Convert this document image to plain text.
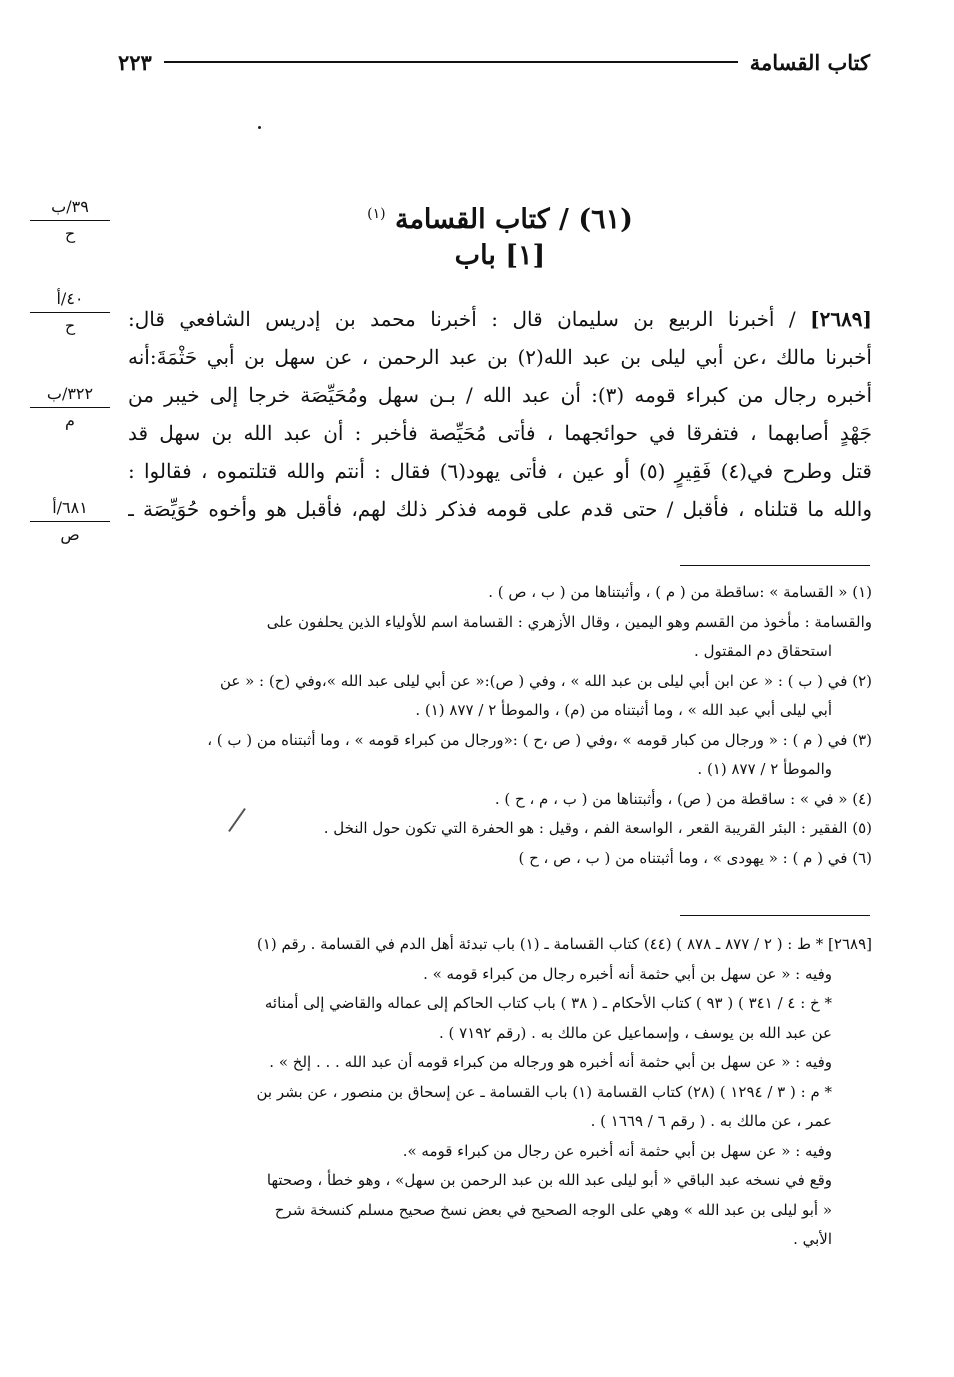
كتاب القسامة
٢٢٣
(٦١) / كتاب القسامة $^{(١)}$
[١] باب
٣٩/ب
ح
٤٠/أ
ح
٣٢٢/ب
م
٦٨١/أ
ص
[٢٦٨٩] / أخبرنا الربيع بن سليمان قال : أخبرنا محمد بن إدريس الشافعي قال:
أخبرنا مالك ،عن أبي ليلى بن عبد الله(٢) بن عبد الرحمن ، عن سهل بن أبي حَثْمَةَ:أنه
أخبره رجال من كبراء قومه (٣): أن عبد الله / بـن سهل ومُحَيِّصَة خرجا إلى خيبر من
جَهْدٍ أصابهما ، فتفرقا في حوائجهما ، فأتى مُحَيِّصة فأخبر : أن عبد الله بن سهل قد
قتل وطرح في(٤) فَقِيرٍ (٥) أو عين ، فأتى يهود(٦) فقال : أنتم والله قتلتموه ، فقالوا :
والله ما قتلناه ، فأقبل / حتى قدم على قومه فذكر ذلك لهم، فأقبل هو وأخوه حُوَيِّصَة ـ
(١) « القسامة » :ساقطة من ( م ) ، وأثبتناها من ( ب ، ص ) .
والقسامة : مأخوذ من القسم وهو اليمين ، وقال الأزهري : القسامة اسم للأولياء الذين يحلفون على
استحقاق دم المقتول .
(٢) في ( ب ) : « عن ابن أبي ليلى بن عبد الله » ، وفي ( ص):« عن أبي ليلى عبد الله »،وفي (ح) : « عن
أبي ليلى أبي عبد الله » ، وما أثبتناه من (م) ، والموطأ ٢ / ٨٧٧ (١) .
(٣) في ( م ) : « ورجال من كبار قومه » ،وفي ( ص ،ح ) :«ورجال من كبراء قومه » ، وما أثبتناه من ( ب ) ،
والموطأ ٢ / ٨٧٧ (١) .
(٤) « في » : ساقطة من ( ص) ، وأثبتناها من ( ب ، م ، ح ) .
(٥) الفقير : البئر القريبة القعر ، الواسعة الفم ، وقيل : هو الحفرة التي تكون حول النخل .
(٦) في ( م ) : « يهودى » ، وما أثبتناه من ( ب ، ص ، ح )
[٢٦٨٩] * ط : ( ٢ / ٨٧٧ ـ ٨٧٨ ) (٤٤) كتاب القسامة ـ (١) باب تبدئة أهل الدم في القسامة . رقم (١)
وفيه : « عن سهل بن أبي حثمة أنه أخبره رجال من كبراء قومه » .
* خ : ٤ / ٣٤١ ) ( ٩٣ ) كتاب الأحكام ـ ( ٣٨ ) باب كتاب الحاكم إلى عماله والقاضي إلى أمنائه
عن عبد الله بن يوسف ، وإسماعيل عن مالك به . (رقم ٧١٩٢ ) .
وفيه : « عن سهل بن أبي حثمة أنه أخبره هو ورجاله من كبراء قومه أن عبد الله . . . إلخ » .
* م : ( ٣ / ١٢٩٤ ) (٢٨) كتاب القسامة (١) باب القسامة ـ عن إسحاق بن منصور ، عن بشر بن
عمر ، عن مالك به . ( رقم ٦ / ١٦٦٩ ) .
وفيه : « عن سهل بن أبي حثمة أنه أخبره عن رجال من كبراء قومه ».
وقع في نسخه عبد الباقي « أبو ليلى عبد الله بن عبد الرحمن بن سهل» ، وهو خطأ ، وصحتها
« أبو ليلى بن عبد الله » وهي على الوجه الصحيح في بعض نسخ صحيح مسلم كنسخة شرح
الأبي .
